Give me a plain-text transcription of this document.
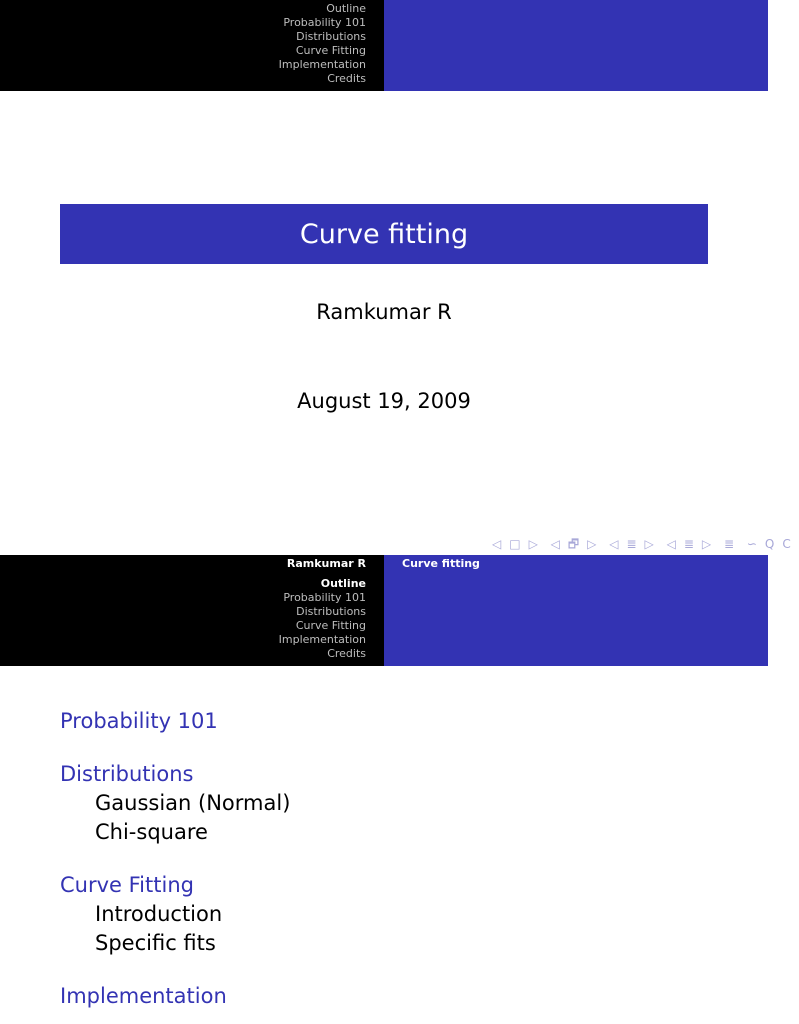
Outline
Probability 101
Distributions
Curve Fitting
Implementation
Credits
Curve fitting
Ramkumar R
August 19, 2009
◁ □ ▷ ◁ 🗗 ▷ ◁ ≣ ▷ ◁ ≣ ▷ ≣ ∽ Q C
Ramkumar R
Outline
Probability 101
Distributions
Curve Fitting
Implementation
Credits
Curve fitting
Probability 101
Distributions
Gaussian (Normal)
Chi-square
Curve Fitting
Introduction
Specific fits
Implementation
